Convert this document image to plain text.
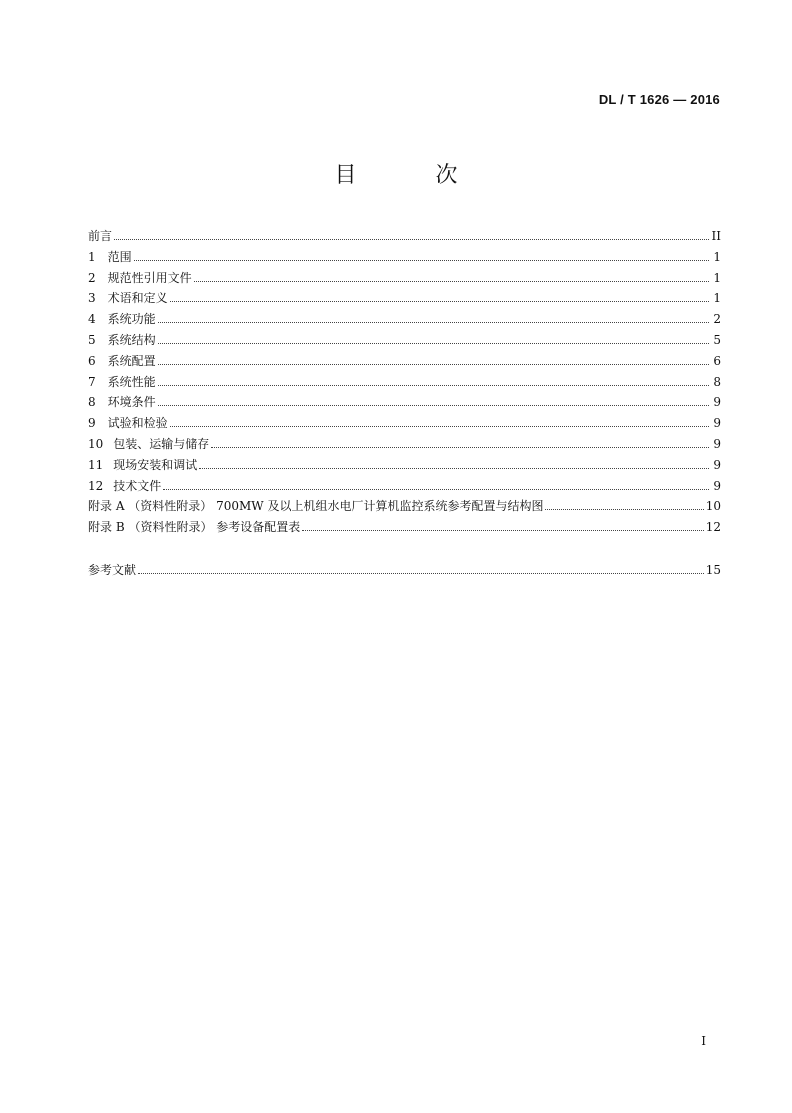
DL / T 1626 — 2016
目 次
前言	II
1 范围	1
2 规范性引用文件	1
3 术语和定义	1
4 系统功能	2
5 系统结构	5
6 系统配置	6
7 系统性能	8
8 环境条件	9
9 试验和检验	9
10 包装、运输与储存	9
11 现场安装和调试	9
12 技术文件	9
附录 A （资料性附录） 700MW 及以上机组水电厂计算机监控系统参考配置与结构图	10
附录 B （资料性附录） 参考设备配置表	12
参考文献	15
I
